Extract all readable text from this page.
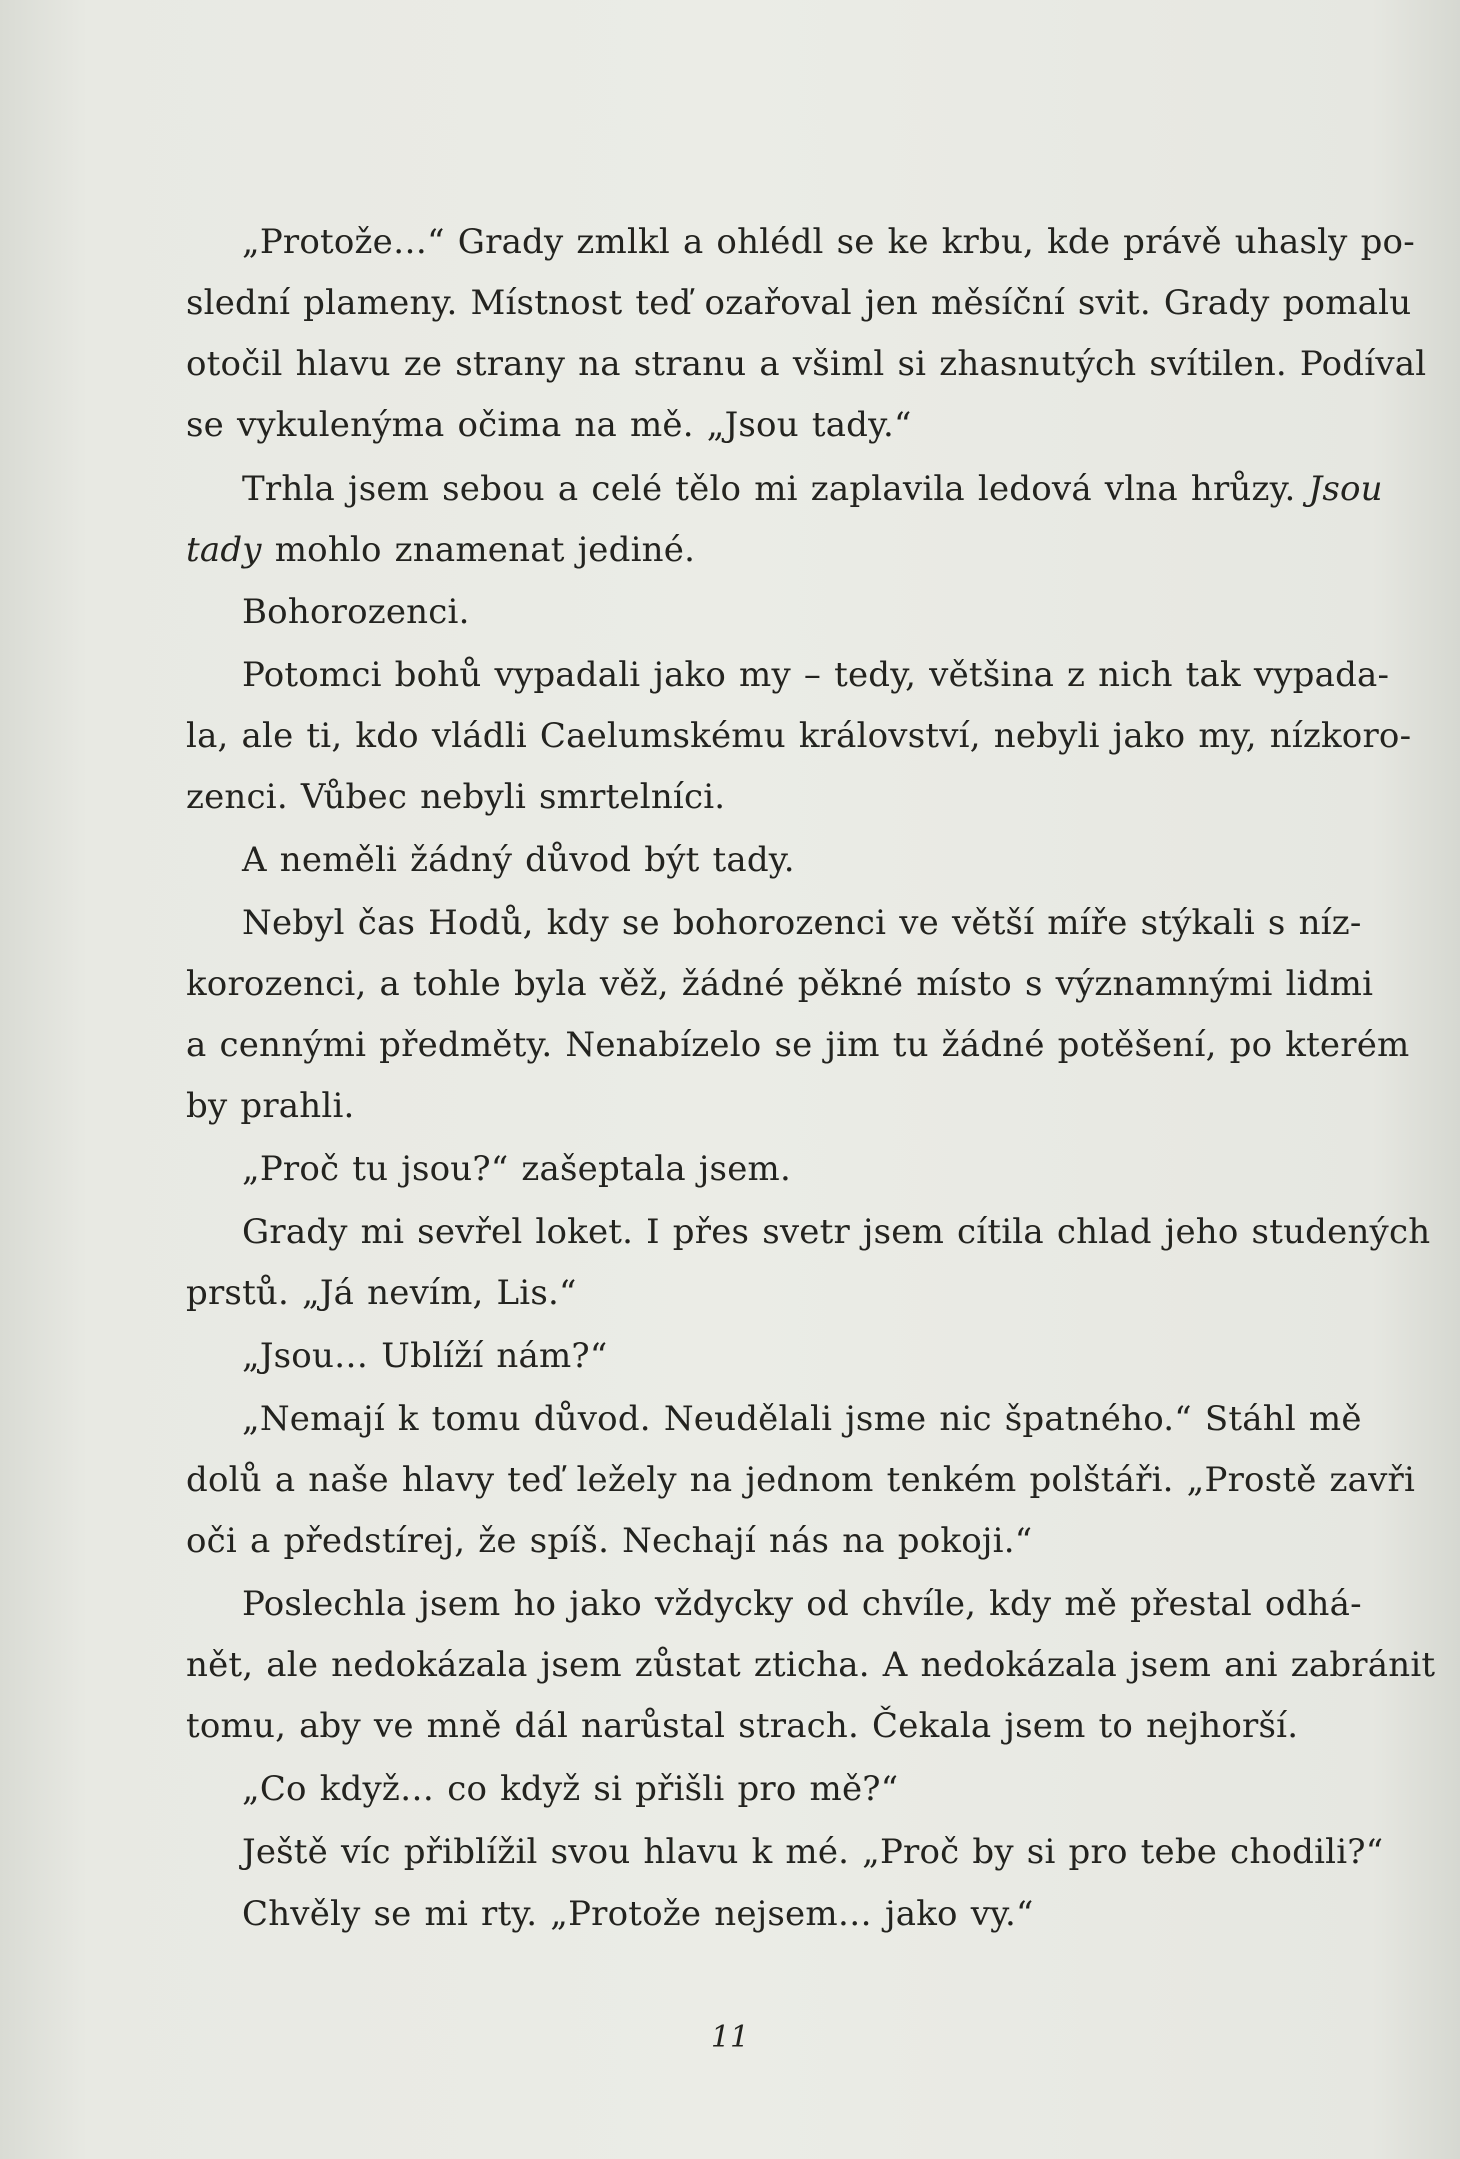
„Protože…“ Grady zmlkl a ohlédl se ke krbu, kde právě uhasly po-
slední plameny. Místnost teď ozařoval jen měsíční svit. Grady pomalu
otočil hlavu ze strany na stranu a všiml si zhasnutých svítilen. Podíval
se vykulenýma očima na mě. „Jsou tady.“
Trhla jsem sebou a celé tělo mi zaplavila ledová vlna hrůzy. Jsou
tady mohlo znamenat jediné.
Bohorozenci.
Potomci bohů vypadali jako my – tedy, většina z nich tak vypada-
la, ale ti, kdo vládli Caelumskému království, nebyli jako my, nízkoro-
zenci. Vůbec nebyli smrtelníci.
A neměli žádný důvod být tady.
Nebyl čas Hodů, kdy se bohorozenci ve větší míře stýkali s níz-
korozenci, a tohle byla věž, žádné pěkné místo s významnými lidmi
a cennými předměty. Nenabízelo se jim tu žádné potěšení, po kterém
by prahli.
„Proč tu jsou?“ zašeptala jsem.
Grady mi sevřel loket. I přes svetr jsem cítila chlad jeho studených
prstů. „Já nevím, Lis.“
„Jsou… Ublíží nám?“
„Nemají k tomu důvod. Neudělali jsme nic špatného.“ Stáhl mě
dolů a naše hlavy teď ležely na jednom tenkém polštáři. „Prostě zavři
oči a předstírej, že spíš. Nechají nás na pokoji.“
Poslechla jsem ho jako vždycky od chvíle, kdy mě přestal odhá-
nět, ale nedokázala jsem zůstat zticha. A nedokázala jsem ani zabránit
tomu, aby ve mně dál narůstal strach. Čekala jsem to nejhorší.
„Co když… co když si přišli pro mě?“
Ještě víc přiblížil svou hlavu k mé. „Proč by si pro tebe chodili?“
Chvěly se mi rty. „Protože nejsem… jako vy.“
11
